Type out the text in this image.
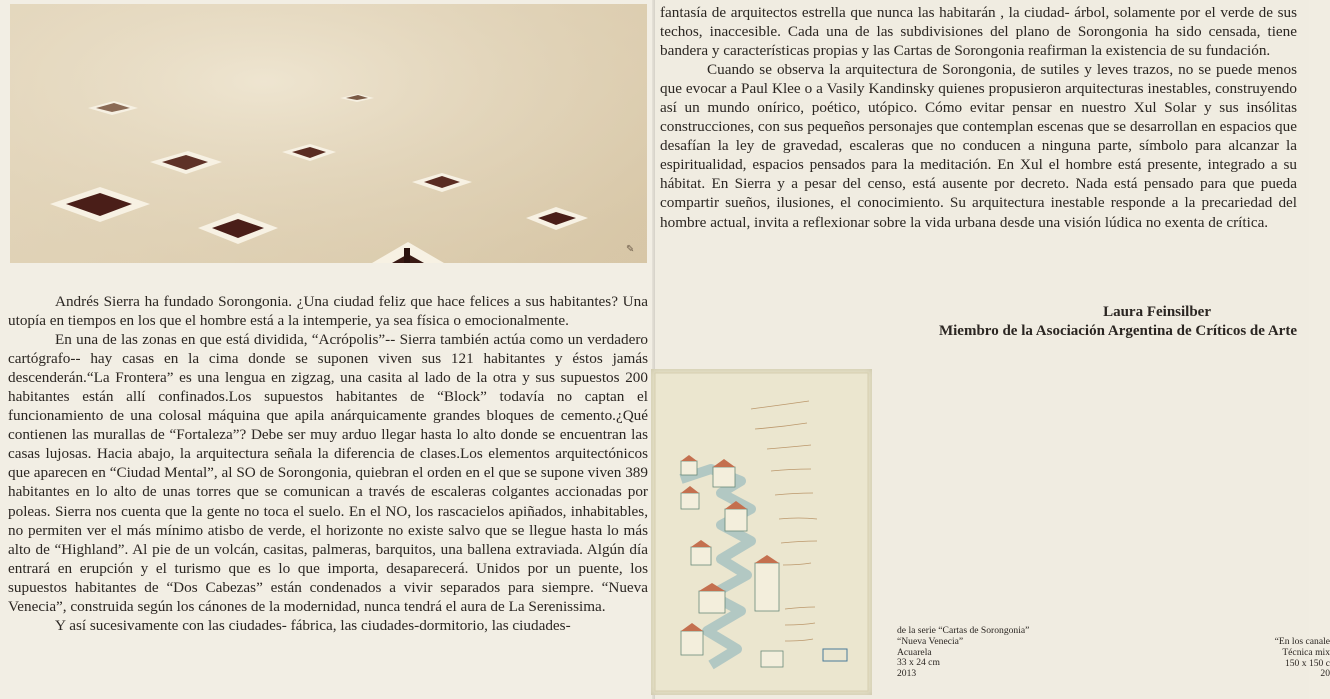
✎
Andrés Sierra ha fundado Sorongonia. ¿Una ciudad feliz que hace felices a sus habitantes? Una utopía en tiempos en los que el hombre está a la intemperie, ya sea física o emocionalmente.
En una de las zonas en que está dividida, “Acrópolis”-- Sierra también actúa como un verdadero cartógrafo-- hay casas en la cima donde se suponen viven sus 121 habitantes y éstos jamás descenderán.“La Frontera” es una lengua en zigzag, una casita al lado de la otra y sus supuestos 200 habitantes están allí confinados.Los supuestos habitantes de “Block” todavía no captan el funcionamiento de una colosal máquina que apila anárquicamente grandes bloques de cemento.¿Qué contienen las murallas de “Fortaleza”? Debe ser muy arduo llegar hasta lo alto donde se encuentran las casas lujosas. Hacia abajo, la arquitectura señala la diferencia de clases.Los elementos arquitectónicos que aparecen en “Ciudad Mental”, al SO de Sorongonia, quiebran el orden en el que se supone viven 389 habitantes en lo alto de unas torres que se comunican a través de escaleras colgantes accionadas por poleas. Sierra nos cuenta que la gente no toca el suelo. En el NO, los rascacielos apiñados, inhabitables, no permiten ver el más mínimo atisbo de verde, el horizonte no existe salvo que se llegue hasta lo más alto de “Highland”. Al pie de un volcán, casitas, palmeras, barquitos, una ballena extraviada. Algún día entrará en erupción y el turismo que es lo que importa, desaparecerá. Unidos por un puente, los supuestos habitantes de “Dos Cabezas” están condenados a vivir separados para siempre. “Nueva Venecia”, construida según los cánones de la modernidad, nunca tendrá el aura de La Serenissima.
Y así sucesivamente con las ciudades- fábrica, las ciudades-dormitorio, las ciudades-
fantasía de arquitectos estrella que nunca las habitarán , la ciudad- árbol, solamente por el verde de sus techos, inaccesible. Cada una de las subdivisiones del plano de Sorongonia ha sido censada, tiene bandera y características propias y las Cartas de Sorongonia reafirman la existencia de su fundación.
Cuando se observa la arquitectura de Sorongonia, de sutiles y leves trazos, no se puede menos que evocar a Paul Klee o a Vasily Kandinsky quienes propusieron arquitecturas inestables, construyendo así un mundo onírico, poético, utópico. Cómo evitar pensar en nuestro Xul Solar y sus insólitas construcciones, con sus pequeños personajes que contemplan escenas que se desarrollan en espacios que desafían la ley de gravedad, escaleras que no conducen a ninguna parte, símbolo para alcanzar la espiritualidad, espacios pensados para la meditación. En Xul el hombre está presente, integrado a su hábitat. En Sierra y a pesar del censo, está ausente por decreto. Nada está pensado para que pueda compartir sueños, ilusiones, el conocimiento. Su arquitectura inestable responde a la precariedad del hombre actual, invita a reflexionar sobre la vida urbana desde una visión lúdica no exenta de crítica.
Laura Feinsilber
Miembro de la Asociación Argentina de Críticos de Arte
de la serie “Cartas de Sorongonia”
“Nueva Venecia”
Acuarela
33 x 24 cm
2013
“En los canale
Técnica mix
150 x 150 c
20
